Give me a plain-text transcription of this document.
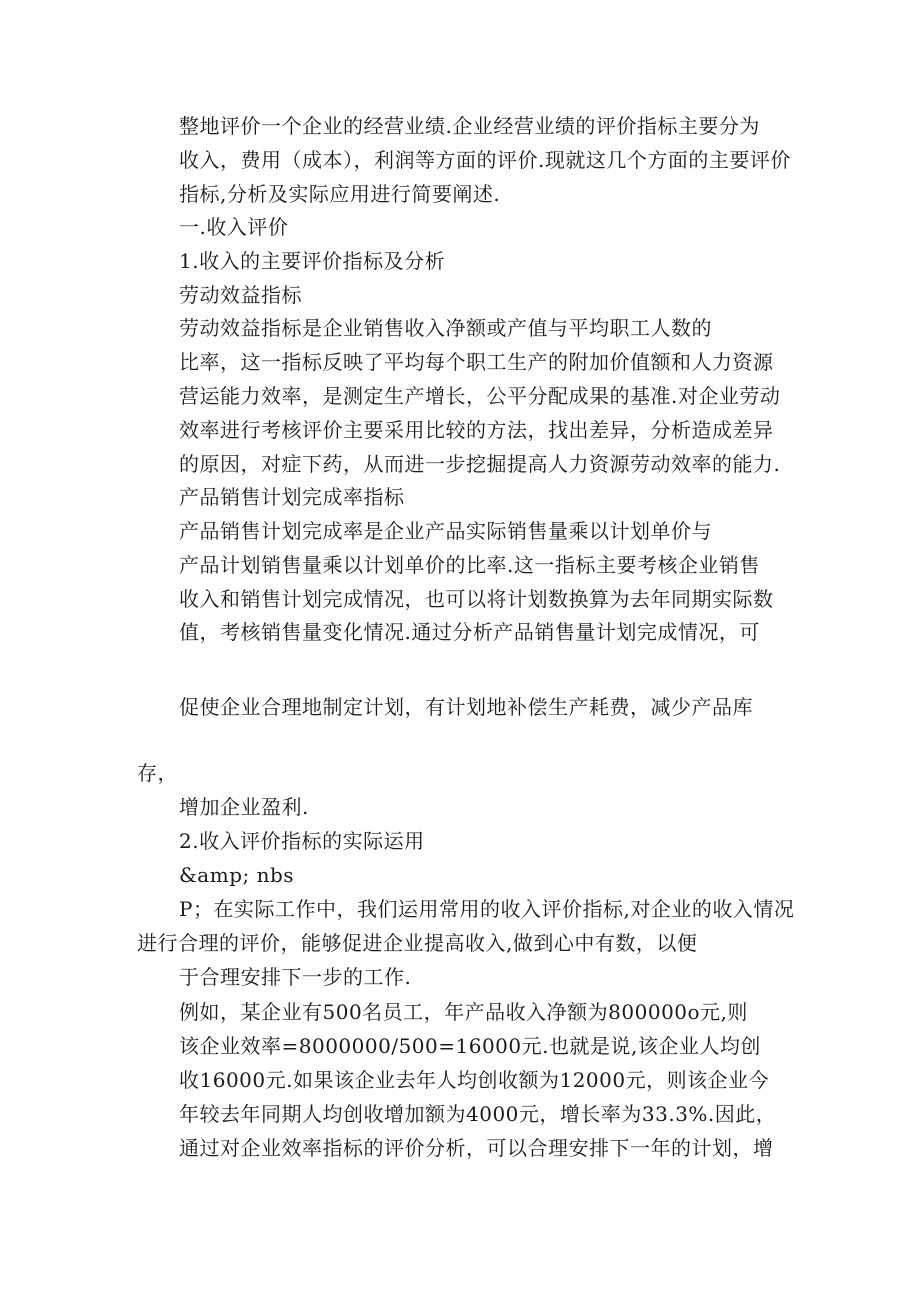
整地评价一个企业的经营业绩.企业经营业绩的评价指标主要分为
收入，费用（成本），利润等方面的评价.现就这几个方面的主要评价
指标,分析及实际应用进行简要阐述.
一.收入评价
1.收入的主要评价指标及分析
劳动效益指标
劳动效益指标是企业销售收入净额或产值与平均职工人数的
比率，这一指标反映了平均每个职工生产的附加价值额和人力资源
营运能力效率，是测定生产增长，公平分配成果的基准.对企业劳动
效率进行考核评价主要采用比较的方法，找出差异，分析造成差异
的原因，对症下药，从而进一步挖掘提高人力资源劳动效率的能力.
产品销售计划完成率指标
产品销售计划完成率是企业产品实际销售量乘以计划单价与
产品计划销售量乘以计划单价的比率.这一指标主要考核企业销售
收入和销售计划完成情况，也可以将计划数换算为去年同期实际数
值，考核销售量变化情况.通过分析产品销售量计划完成情况，可
促使企业合理地制定计划，有计划地补偿生产耗费，减少产品库
存，
增加企业盈利.
2.收入评价指标的实际运用
&amp; nbs
P；在实际工作中，我们运用常用的收入评价指标,对企业的收入情况
进行合理的评价，能够促进企业提高收入,做到心中有数，以便
于合理安排下一步的工作.
例如，某企业有500名员工，年产品收入净额为800000o元,则
该企业效率=8000000/500=16000元.也就是说,该企业人均创
收16000元.如果该企业去年人均创收额为12000元，则该企业今
年较去年同期人均创收增加额为4000元，增长率为33.3%.因此，
通过对企业效率指标的评价分析，可以合理安排下一年的计划，增
